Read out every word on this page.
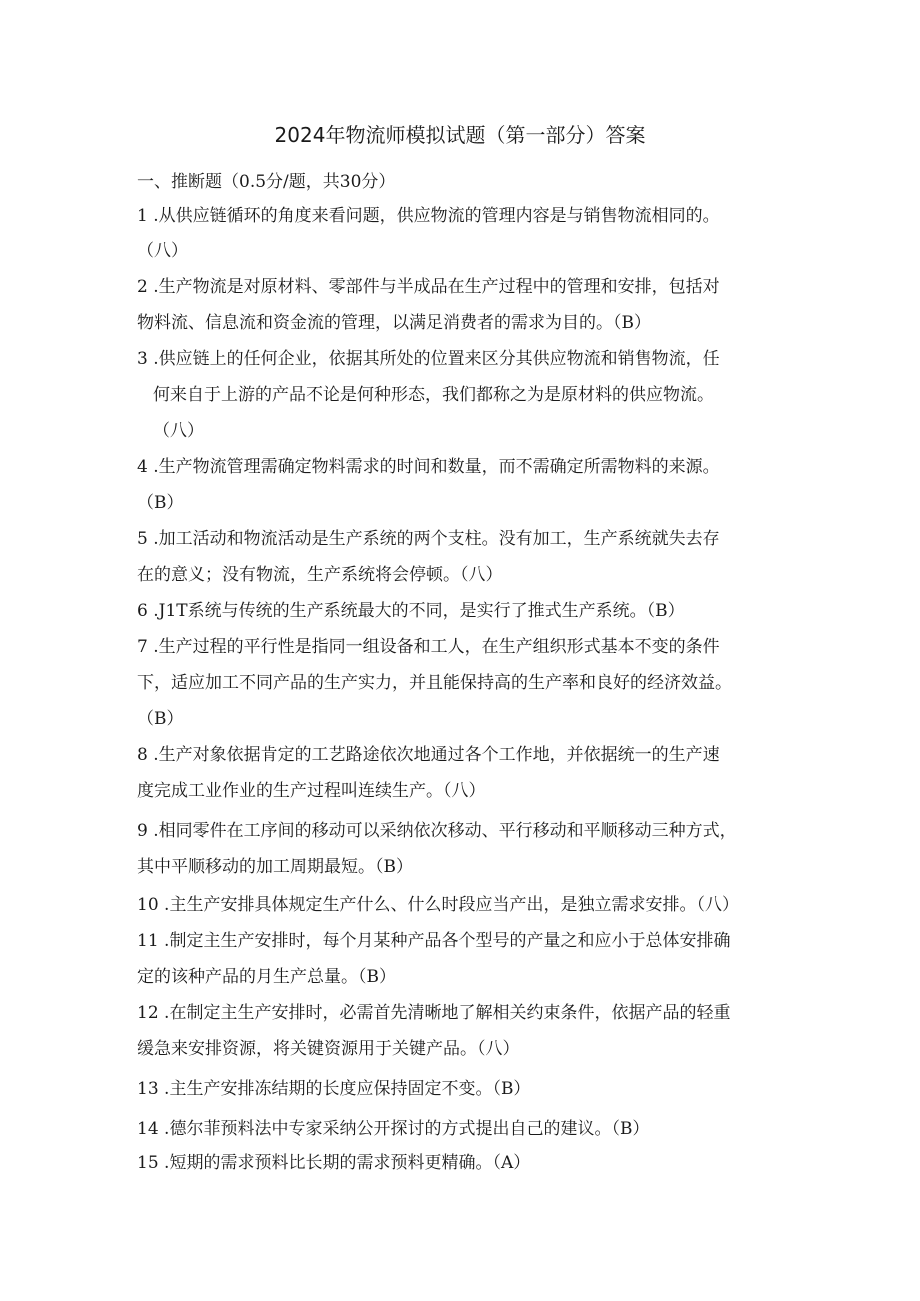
2024年物流师模拟试题（第一部分）答案
一、推断题（0.5分/题，共30分）
1 .从供应链循环的角度来看问题，供应物流的管理内容是与销售物流相同的。
（八）
2 .生产物流是对原材料、零部件与半成品在生产过程中的管理和安排，包括对
物料流、信息流和资金流的管理，以满足消费者的需求为目的。（B）
3 .供应链上的任何企业，依据其所处的位置来区分其供应物流和销售物流，任
何来自于上游的产品不论是何种形态，我们都称之为是原材料的供应物流。
（八）
4 .生产物流管理需确定物料需求的时间和数量，而不需确定所需物料的来源。
（B）
5 .加工活动和物流活动是生产系统的两个支柱。没有加工，生产系统就失去存
在的意义；没有物流，生产系统将会停顿。（八）
6 .J1T系统与传统的生产系统最大的不同，是实行了推式生产系统。（B）
7 .生产过程的平行性是指同一组设备和工人，在生产组织形式基本不变的条件
下，适应加工不同产品的生产实力，并且能保持高的生产率和良好的经济效益。
（B）
8 .生产对象依据肯定的工艺路途依次地通过各个工作地，并依据统一的生产速
度完成工业作业的生产过程叫连续生产。（八）
9 .相同零件在工序间的移动可以采纳依次移动、平行移动和平顺移动三种方式，
其中平顺移动的加工周期最短。（B）
10 .主生产安排具体规定生产什么、什么时段应当产出，是独立需求安排。（八）
11 .制定主生产安排时，每个月某种产品各个型号的产量之和应小于总体安排确
定的该种产品的月生产总量。（B）
12 .在制定主生产安排时，必需首先清晰地了解相关约束条件，依据产品的轻重
缓急来安排资源，将关键资源用于关键产品。（八）
13 .主生产安排冻结期的长度应保持固定不变。（B）
14 .德尔菲预料法中专家采纳公开探讨的方式提出自己的建议。（B）
15 .短期的需求预料比长期的需求预料更精确。（A）
